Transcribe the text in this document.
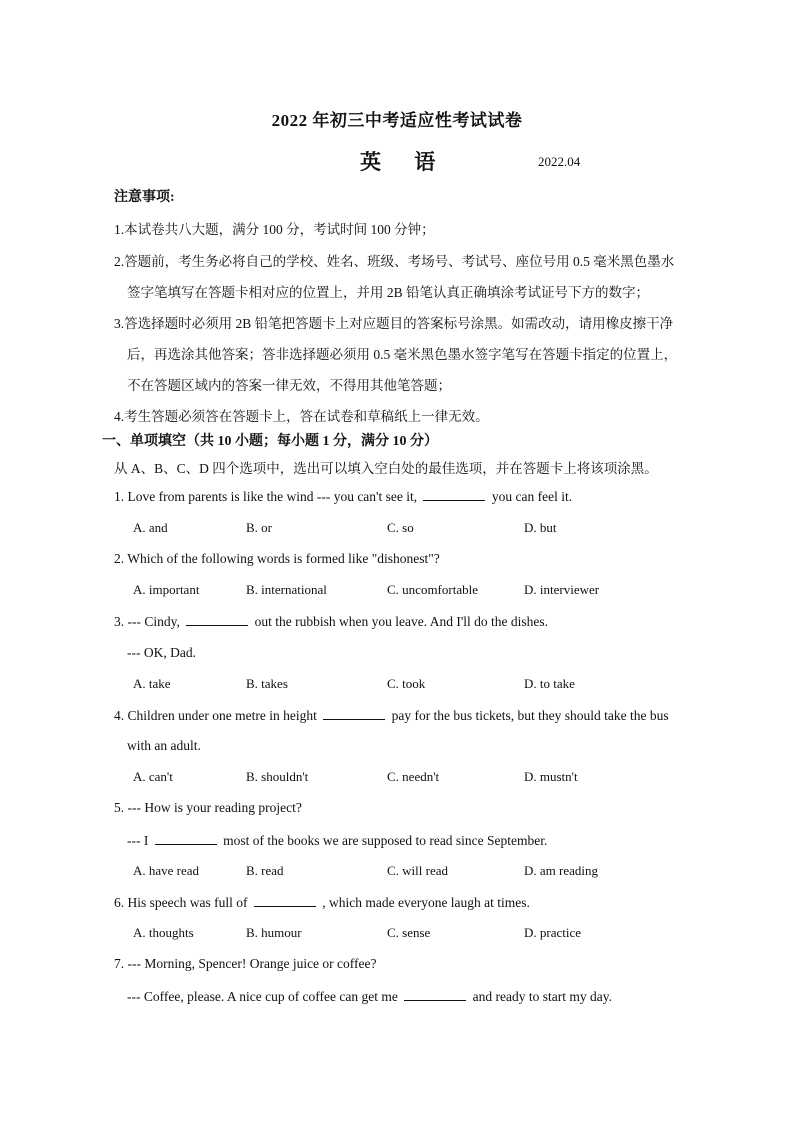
2022 年初三中考适应性考试试卷
英 语	2022.04
注意事项:
1.本试卷共八大题，满分 100 分，考试时间 100 分钟；
2.答题前，考生务必将自己的学校、姓名、班级、考场号、考试号、座位号用 0.5 毫米黑色墨水
签字笔填写在答题卡相对应的位置上，并用 2B 铅笔认真正确填涂考试证号下方的数字；
3.答选择题时必须用 2B 铅笔把答题卡上对应题目的答案标号涂黑。如需改动，请用橡皮擦干净
后，再选涂其他答案；答非选择题必须用 0.5 毫米黑色墨水签字笔写在答题卡指定的位置上，
不在答题区域内的答案一律无效，不得用其他笔答题；
4.考生答题必须答在答题卡上，答在试卷和草稿纸上一律无效。
一、单项填空（共 10 小题；每小题 1 分，满分 10 分）
从 A、B、C、D 四个选项中，选出可以填入空白处的最佳选项，并在答题卡上将该项涂黑。
1. Love from parents is like the wind --- you can't see it,	you can feel it.
A. and	B. or	C. so	D. but
2. Which of the following words is formed like "dishonest"?
A. important	B. international	C. uncomfortable	D. interviewer
3. --- Cindy,	out the rubbish when you leave. And I'll do the dishes.
--- OK, Dad.
A. take	B. takes	C. took	D. to take
4. Children under one metre in height	pay for the bus tickets, but they should take the bus
with an adult.
A. can't	B. shouldn't	C. needn't	D. mustn't
5. --- How is your reading project?
--- I	most of the books we are supposed to read since September.
A. have read	B. read	C. will read	D. am reading
6. His speech was full of	, which made everyone laugh at times.
A. thoughts	B. humour	C. sense	D. practice
7. --- Morning, Spencer! Orange juice or coffee?
--- Coffee, please. A nice cup of coffee can get me	and ready to start my day.
